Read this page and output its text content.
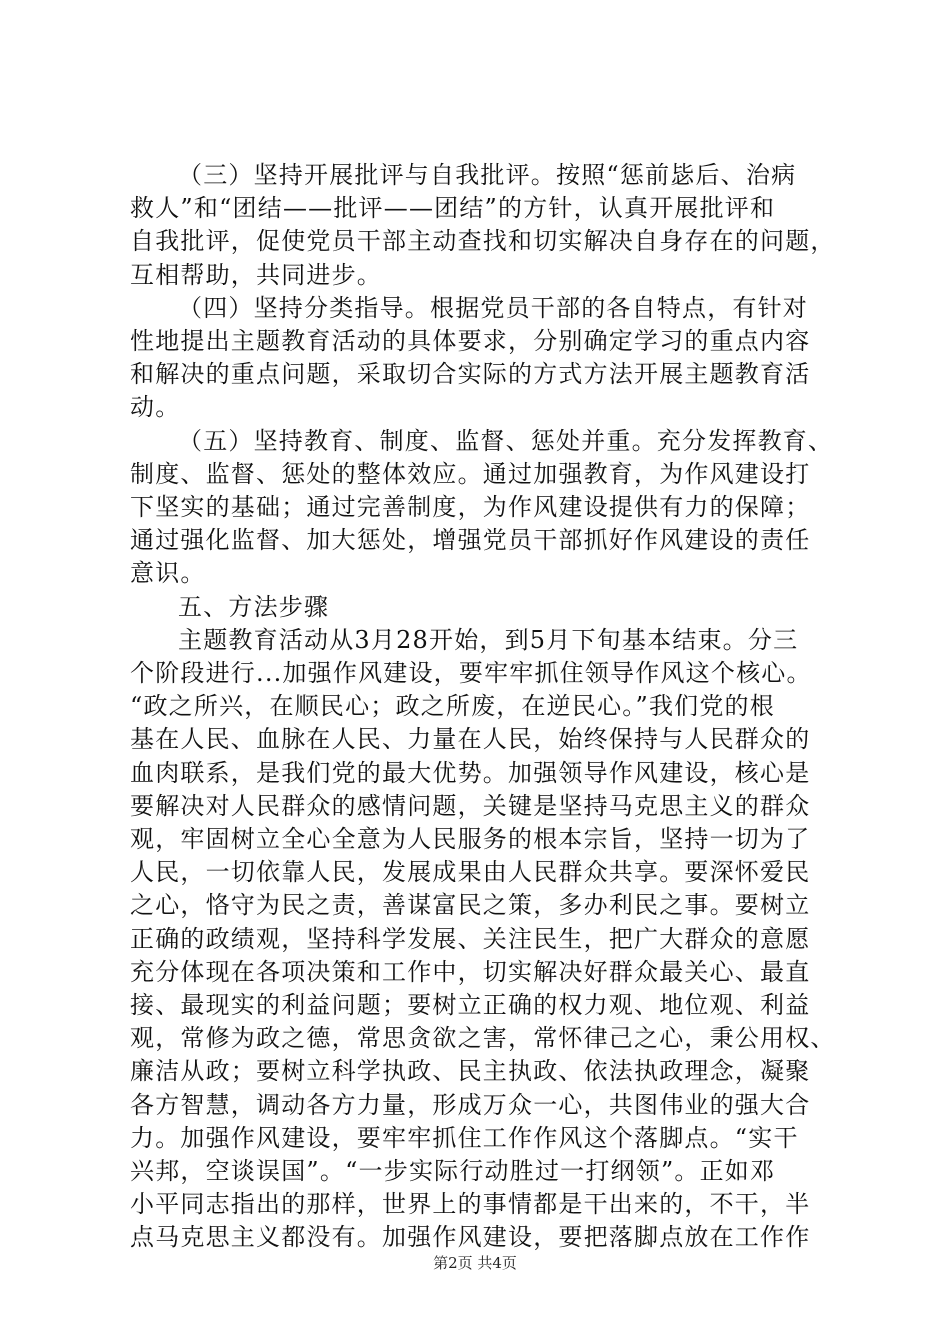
（三）坚持开展批评与自我批评。按照“惩前毖后、治病
救人”和“团结——批评——团结”的方针，认真开展批评和
自我批评，促使党员干部主动查找和切实解决自身存在的问题，
互相帮助，共同进步。
（四）坚持分类指导。根据党员干部的各自特点，有针对
性地提出主题教育活动的具体要求，分别确定学习的重点内容
和解决的重点问题，采取切合实际的方式方法开展主题教育活
动。
（五）坚持教育、制度、监督、惩处并重。充分发挥教育、
制度、监督、惩处的整体效应。通过加强教育，为作风建设打
下坚实的基础；通过完善制度，为作风建设提供有力的保障；
通过强化监督、加大惩处，增强党员干部抓好作风建设的责任
意识。
五、方法步骤
主题教育活动从3月28开始，到5月下旬基本结束。分三
个阶段进行...加强作风建设，要牢牢抓住领导作风这个核心。
“政之所兴，在顺民心；政之所废，在逆民心。”我们党的根
基在人民、血脉在人民、力量在人民，始终保持与人民群众的
血肉联系，是我们党的最大优势。加强领导作风建设，核心是
要解决对人民群众的感情问题，关键是坚持马克思主义的群众
观，牢固树立全心全意为人民服务的根本宗旨，坚持一切为了
人民，一切依靠人民，发展成果由人民群众共享。要深怀爱民
之心，恪守为民之责，善谋富民之策，多办利民之事。要树立
正确的政绩观，坚持科学发展、关注民生，把广大群众的意愿
充分体现在各项决策和工作中，切实解决好群众最关心、最直
接、最现实的利益问题；要树立正确的权力观、地位观、利益
观，常修为政之德，常思贪欲之害，常怀律己之心，秉公用权、
廉洁从政；要树立科学执政、民主执政、依法执政理念，凝聚
各方智慧，调动各方力量，形成万众一心，共图伟业的强大合
力。加强作风建设，要牢牢抓住工作作风这个落脚点。“实干
兴邦，空谈误国”。“一步实际行动胜过一打纲领”。正如邓
小平同志指出的那样，世界上的事情都是干出来的，不干，半
点马克思主义都没有。加强作风建设，要把落脚点放在工作作
第2页 共4页
